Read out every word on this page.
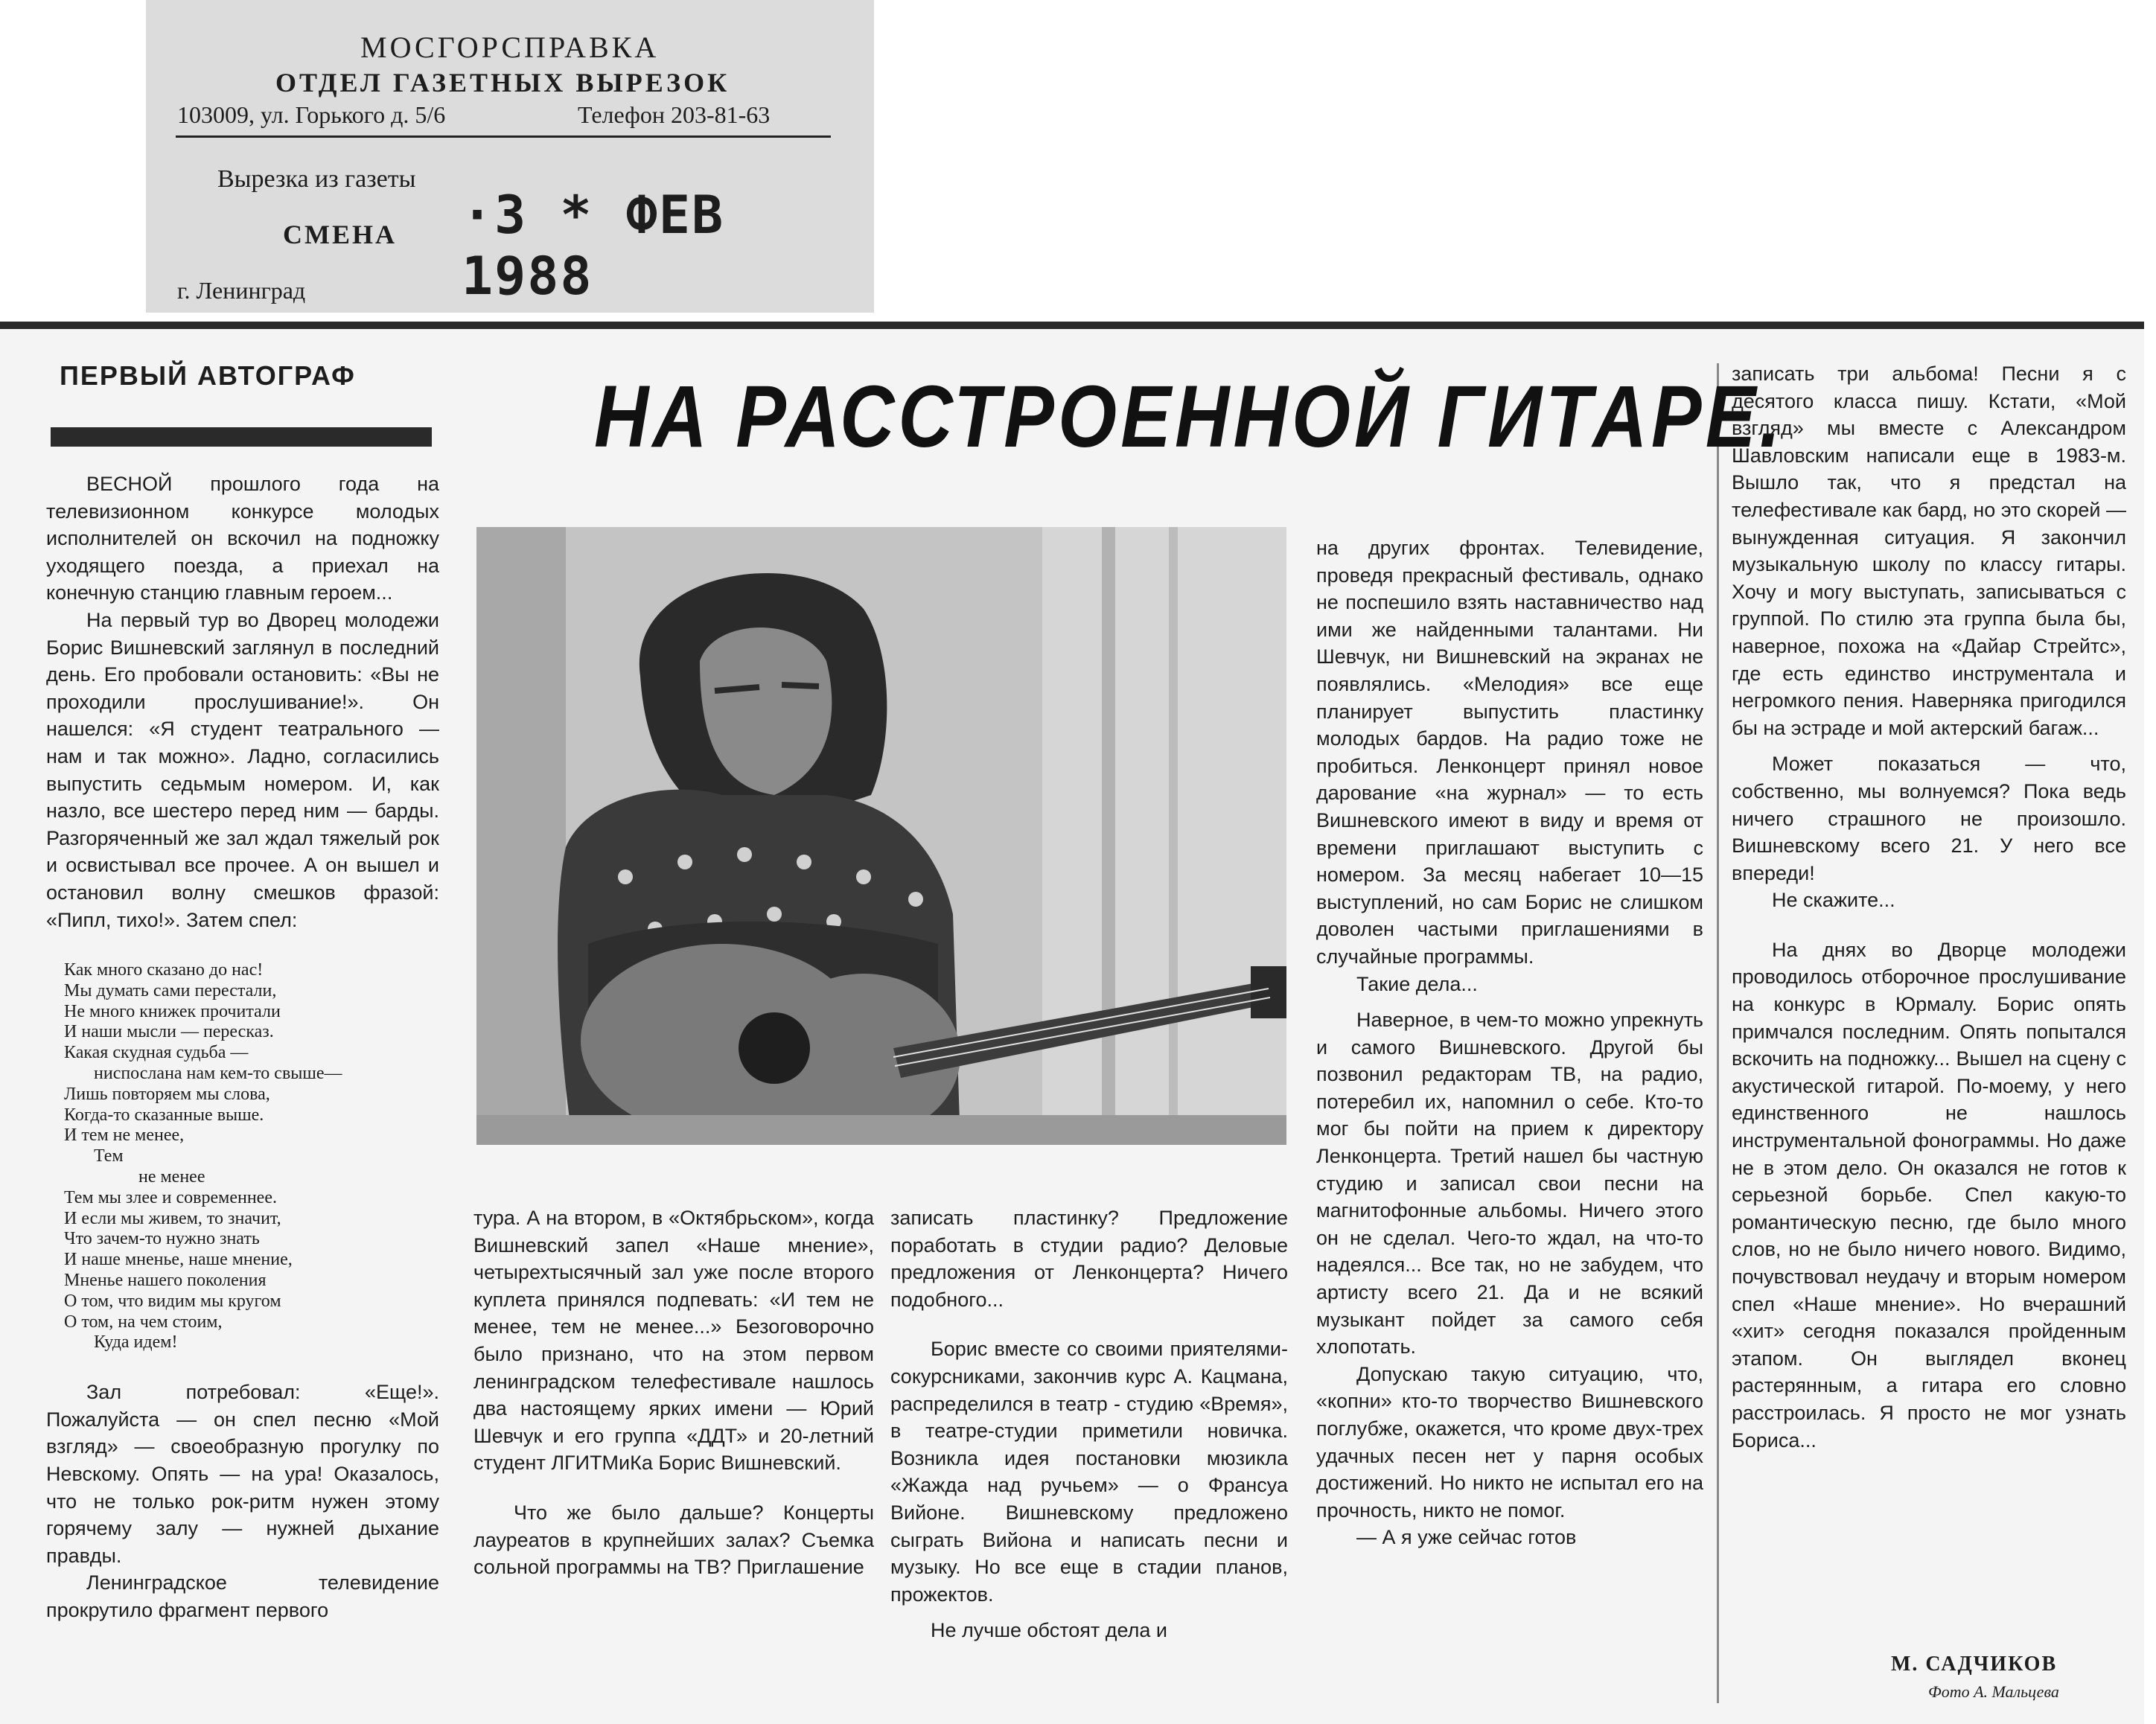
МОСГОРСПРАВКА
ОТДЕЛ ГАЗЕТНЫХ ВЫРЕЗОК
103009, ул. Горького д. 5/6	Телефон 203-81-63
Вырезка из газеты
·3 * ФЕВ 1988
СМЕНА
г. Ленинград
ПЕРВЫЙ АВТОГРАФ	НА РАССТРОЕННОЙ ГИТАРЕ.

ВЕСНОЙ прошлого года на телевизионном конкурсе молодых исполнителей он вскочил на подножку уходящего поезда, а приехал на конечную станцию главным героем...

На первый тур во Дворец молодежи Борис Вишневский заглянул в последний день. Его пробовали остановить: «Вы не проходили прослушивание!». Он нашелся: «Я студент театрального — нам и так можно». Ладно, согласились выпустить седьмым номером. И, как назло, все шестеро перед ним — барды. Разгоряченный же зал ждал тяжелый рок и освистывал все прочее. А он вышел и остановил волну смешков фразой: «Пипл, тихо!». Затем спел:

Как много сказано до нас!
Мы думать сами перестали,
Не много книжек прочитали
И наши мысли — пересказ.
Какая скудная судьба —
ниспослана нам кем-то свыше—
Лишь повторяем мы слова,
Когда-то сказанные выше.
И тем не менее,
Тем
не менее
Тем мы злее и современнее.
И если мы живем, то значит,
Что зачем-то нужно знать
И наше мненье, наше мнение,
Мненье нашего поколения
О том, что видим мы кругом
О том, на чем стоим,
Куда идем!

Зал потребовал: «Еще!». Пожалуйста — он спел песню «Мой взгляд» — своеобразную прогулку по Невскому. Опять — на ура! Оказалось, что не только рок-ритм нужен этому горячему залу — нужней дыхание правды.

Ленинградское телевидение прокрутило фрагмент первого

тура. А на втором, в «Октябрьском», когда Вишневский запел «Наше мнение», четырехтысячный зал уже после второго куплета принялся подпевать: «И тем не менее, тем не менее...» Безоговорочно было признано, что на этом первом ленинградском телефестивале нашлось два настоящему ярких имени — Юрий Шевчук и его группа «ДДТ» и 20-летний студент ЛГИТМиКа Борис Вишневский.

Что же было дальше? Концерты лауреатов в крупнейших залах? Съемка сольной программы на ТВ? Приглашение

записать пластинку? Предложение поработать в студии радио? Деловые предложения от Ленконцерта? Ничего подобного...

Борис вместе со своими приятелями-сокурсниками, закончив курс А. Кацмана, распределился в театр - студию «Время», в театре-студии приметили новичка. Возникла идея постановки мюзикла «Жажда над ручьем» — о Франсуа Вийоне. Вишневскому предложено сыграть Вийона и написать песни и музыку. Но все еще в стадии планов, прожектов.

Не лучше обстоят дела и

на других фронтах. Телевидение, проведя прекрасный фестиваль, однако не поспешило взять наставничество над ими же найденными талантами. Ни Шевчук, ни Вишневский на экранах не появлялись. «Мелодия» все еще планирует выпустить пластинку молодых бардов. На радио тоже не пробиться. Ленконцерт принял новое дарование «на журнал» — то есть Вишневского имеют в виду и время от времени приглашают выступить с номером. За месяц набегает 10—15 выступлений, но сам Борис не слишком доволен частыми приглашениями в случайные программы.

Такие дела...

Наверное, в чем-то можно упрекнуть и самого Вишневского. Другой бы позвонил редакторам ТВ, на радио, потеребил их, напомнил о себе. Кто-то мог бы пойти на прием к директору Ленконцерта. Третий нашел бы частную студию и записал свои песни на магнитофонные альбомы. Ничего этого он не сделал. Чего-то ждал, на что-то надеялся... Все так, но не забудем, что артисту всего 21. Да и не всякий музыкант пойдет за самого себя хлопотать.

Допускаю такую ситуацию, что, «копни» кто-то творчество Вишневского поглубже, окажется, что кроме двух-трех удачных песен нет у парня особых достижений. Но никто не испытал его на прочность, никто не помог.

— А я уже сейчас готов

записать три альбома! Песни я с десятого класса пишу. Кстати, «Мой взгляд» мы вместе с Александром Шавловским написали еще в 1983-м. Вышло так, что я предстал на телефестивале как бард, но это скорей — вынужденная ситуация. Я закончил музыкальную школу по классу гитары. Хочу и могу выступать, записываться с группой. По стилю эта группа была бы, наверное, похожа на «Дайар Стрейтс», где есть единство инструментала и негромкого пения. Наверняка пригодился бы на эстраде и мой актерский багаж...

Может показаться — что, собственно, мы волнуемся? Пока ведь ничего страшного не произошло. Вишневскому всего 21. У него все впереди!

Не скажите...

На днях во Дворце молодежи проводилось отборочное прослушивание на конкурс в Юрмалу. Борис опять примчался последним. Опять попытался вскочить на подножку... Вышел на сцену с акустической гитарой. По-моему, у него единственного не нашлось инструментальной фонограммы. Но даже не в этом дело. Он оказался не готов к серьезной борьбе. Спел какую-то романтическую песню, где было много слов, но не было ничего нового. Видимо, почувствовал неудачу и вторым номером спел «Наше мнение». Но вчерашний «хит» сегодня показался пройденным этапом. Он выглядел вконец растерянным, а гитара его словно расстроилась. Я просто не мог узнать Бориса...

М. САДЧИКОВ
Фото А. Мальцева
